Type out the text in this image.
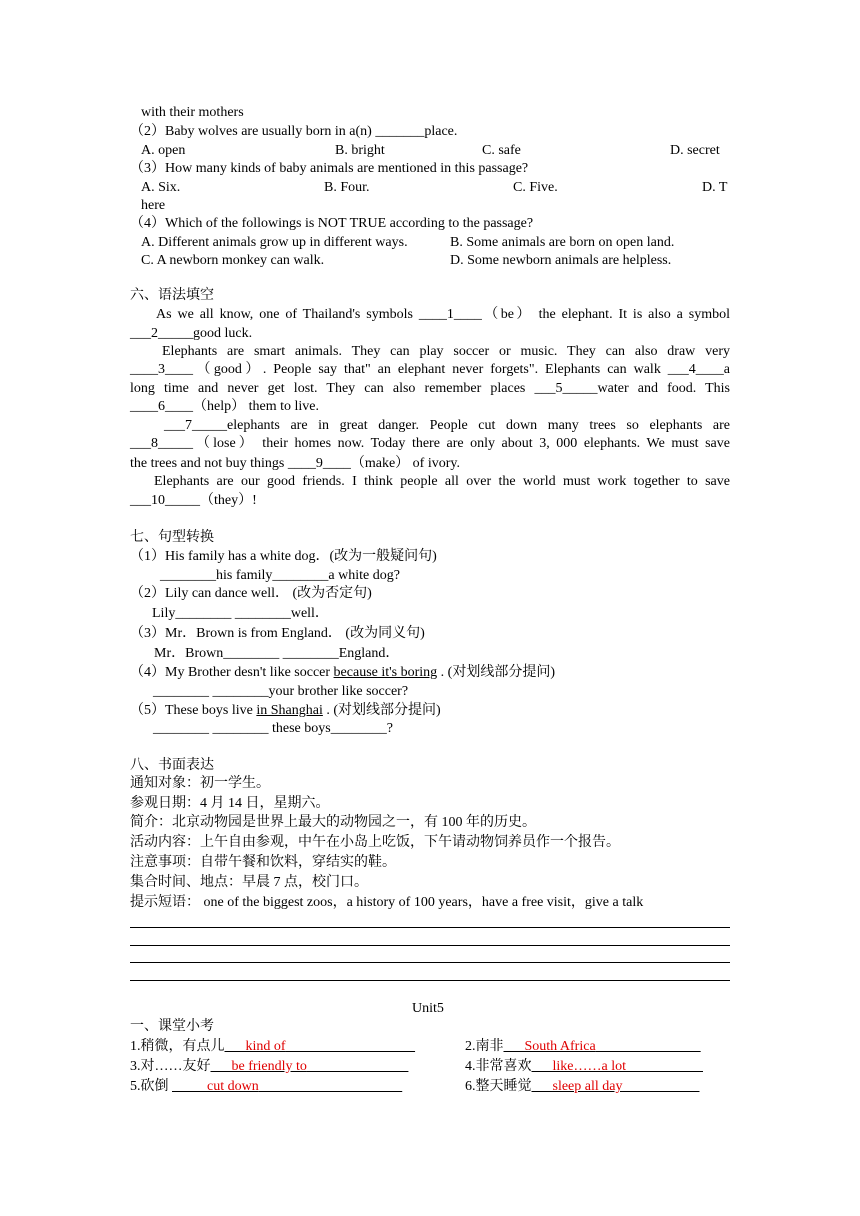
with their mothers
（2）Baby wolves are usually born in a(n) _______place.
A. open	B. bright	C. safe	D. secret
（3）How many kinds of baby animals are mentioned in this passage?
A. Six.	B. Four.	C. Five.	D. T
here
（4）Which of the followings is NOT TRUE according to the passage?
A. Different animals grow up in different ways.	B. Some animals are born on open land.
C. A newborn monkey can walk.	D. Some newborn animals are helpless.
六、语法填空
As we all know, one of Thailand's symbols ____1____（be） the elephant. It is also a symbol
___2_____good luck.
Elephants are smart animals. They can play soccer or music. They can also draw very
____3____（good）. People say that" an elephant never forgets". Elephants can walk ___4____a
long time and never get lost. They can also remember places ___5_____water and food. This
____6____（help） them to live.
___7_____elephants are in great danger. People cut down many trees so elephants are
___8_____（lose） their homes now. Today there are only about 3, 000 elephants. We must save
the trees and not buy things ____9____（make） of ivory.
Elephants are our good friends. I think people all over the world must work together to save
___10_____（they）!
七、句型转换
（1）His family has a white dog．(改为一般疑问句)
________his family________a white dog?
（2）Lily can dance well． (改为否定句)
Lily________ ________well．
（3）Mr．Brown is from England． (改为同义句)
Mr．Brown________ ________England．
（4）My Brother desn't like soccer because it's boring . (对划线部分提问)
________ ________your brother like soccer?
（5）These boys live in Shanghai . (对划线部分提问)
________ ________ these boys________?
八、书面表达
通知对象：初一学生。
参观日期：4 月 14 日，星期六。
简介：北京动物园是世界上最大的动物园之一，有 100 年的历史。
活动内容：上午自由参观，中午在小岛上吃饭，下午请动物饲养员作一个报告。
注意事项：自带午餐和饮料，穿结实的鞋。
集合时间、地点：早晨 7 点，校门口。
提示短语： one of the biggest zoos，a history of 100 years，have a free visit，give a talk
Unit5
一、课堂小考
1.稍微，有点儿 kind of	2.南非 South Africa
3.对……友好 be friendly to	4.非常喜欢 like……a lot
5.砍倒	cut down	6.整天睡觉 sleep all day
